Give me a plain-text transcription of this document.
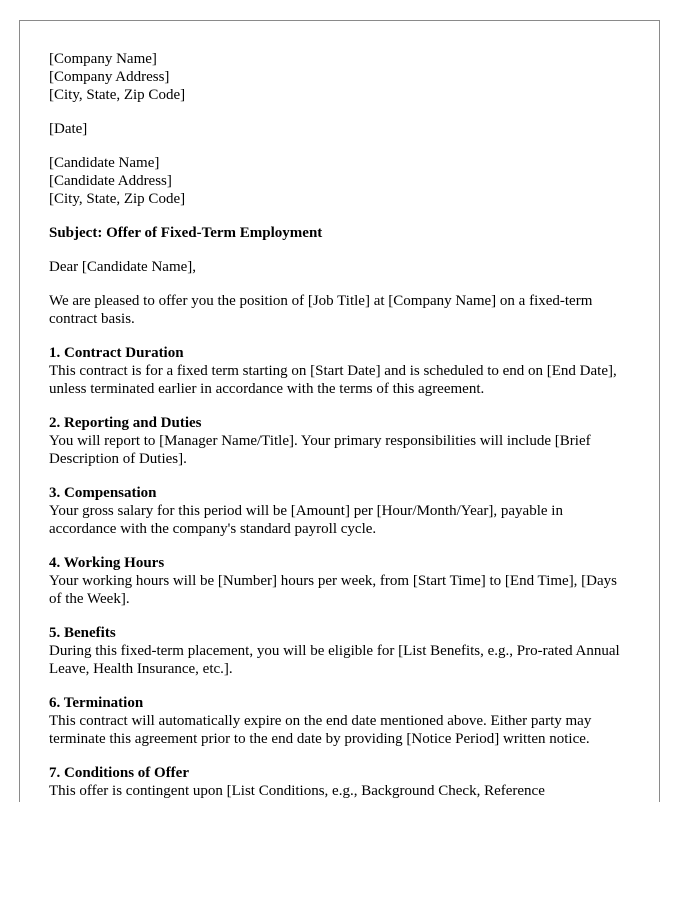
[Company Name]
[Company Address]
[City, State, Zip Code]
[Date]
[Candidate Name]
[Candidate Address]
[City, State, Zip Code]
Subject: Offer of Fixed-Term Employment
Dear [Candidate Name],
We are pleased to offer you the position of [Job Title] at [Company Name] on a fixed-term contract basis.
1. Contract Duration
This contract is for a fixed term starting on [Start Date] and is scheduled to end on [End Date], unless terminated earlier in accordance with the terms of this agreement.
2. Reporting and Duties
You will report to [Manager Name/Title]. Your primary responsibilities will include [Brief Description of Duties].
3. Compensation
Your gross salary for this period will be [Amount] per [Hour/Month/Year], payable in accordance with the company's standard payroll cycle.
4. Working Hours
Your working hours will be [Number] hours per week, from [Start Time] to [End Time], [Days of the Week].
5. Benefits
During this fixed-term placement, you will be eligible for [List Benefits, e.g., Pro-rated Annual Leave, Health Insurance, etc.].
6. Termination
This contract will automatically expire on the end date mentioned above. Either party may terminate this agreement prior to the end date by providing [Notice Period] written notice.
7. Conditions of Offer
This offer is contingent upon [List Conditions, e.g., Background Check, Reference
